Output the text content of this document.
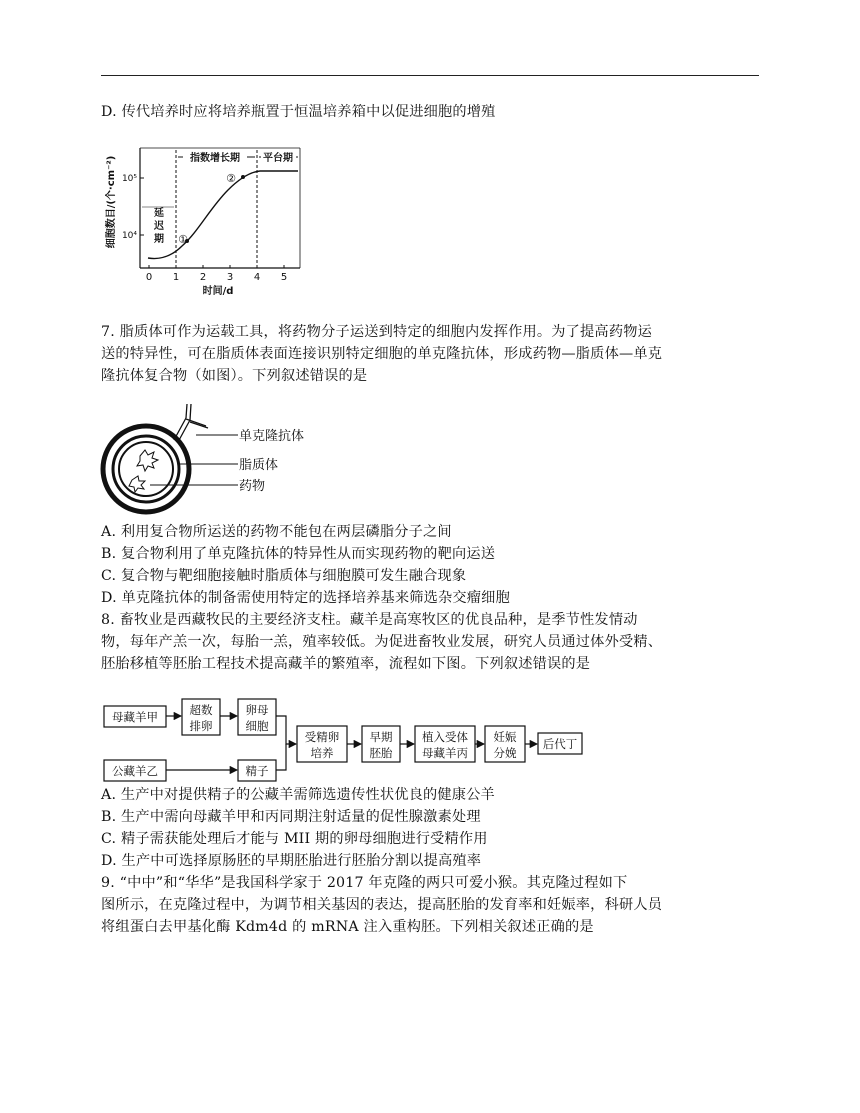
D. 传代培养时应将培养瓶置于恒温培养箱中以促进细胞的增殖
细胞数目/(个·cm⁻²) 10⁵
10⁴
指数增长期 平台期
延
迟
期 ①
②
0 1 2 3 4 5
时间/d
7. 脂质体可作为运载工具，将药物分子运送到特定的细胞内发挥作用。为了提高药物运
送的特异性，可在脂质体表面连接识别特定细胞的单克隆抗体，形成药物—脂质体—单克
隆抗体复合物（如图）。下列叙述错误的是
单克隆抗体
脂质体
药物
A. 利用复合物所运送的药物不能包在两层磷脂分子之间
B. 复合物利用了单克隆抗体的特异性从而实现药物的靶向运送
C. 复合物与靶细胞接触时脂质体与细胞膜可发生融合现象
D. 单克隆抗体的制备需使用特定的选择培养基来筛选杂交瘤细胞
8. 畜牧业是西藏牧民的主要经济支柱。藏羊是高寒牧区的优良品种，是季节性发情动
物，每年产羔一次，每胎一羔，殖率较低。为促进畜牧业发展，研究人员通过体外受精、
胚胎移植等胚胎工程技术提高藏羊的繁殖率，流程如下图。下列叙述错误的是
母藏羊甲	超数
排卵
卵母
细胞
公藏羊乙	精子
受精卵
培养
早期
胚胎
植入受体
母藏羊丙
妊娠
分娩
后代丁
A. 生产中对提供精子的公藏羊需筛选遗传性状优良的健康公羊
B. 生产中需向母藏羊甲和丙同期注射适量的促性腺激素处理
C. 精子需获能处理后才能与 MII 期的卵母细胞进行受精作用
D. 生产中可选择原肠胚的早期胚胎进行胚胎分割以提高殖率
9. “中中”和“华华”是我国科学家于 2017 年克隆的两只可爱小猴。其克隆过程如下
图所示，在克隆过程中，为调节相关基因的表达，提高胚胎的发育率和妊娠率，科研人员
将组蛋白去甲基化酶 Kdm4d 的 mRNA 注入重构胚。下列相关叙述正确的是
